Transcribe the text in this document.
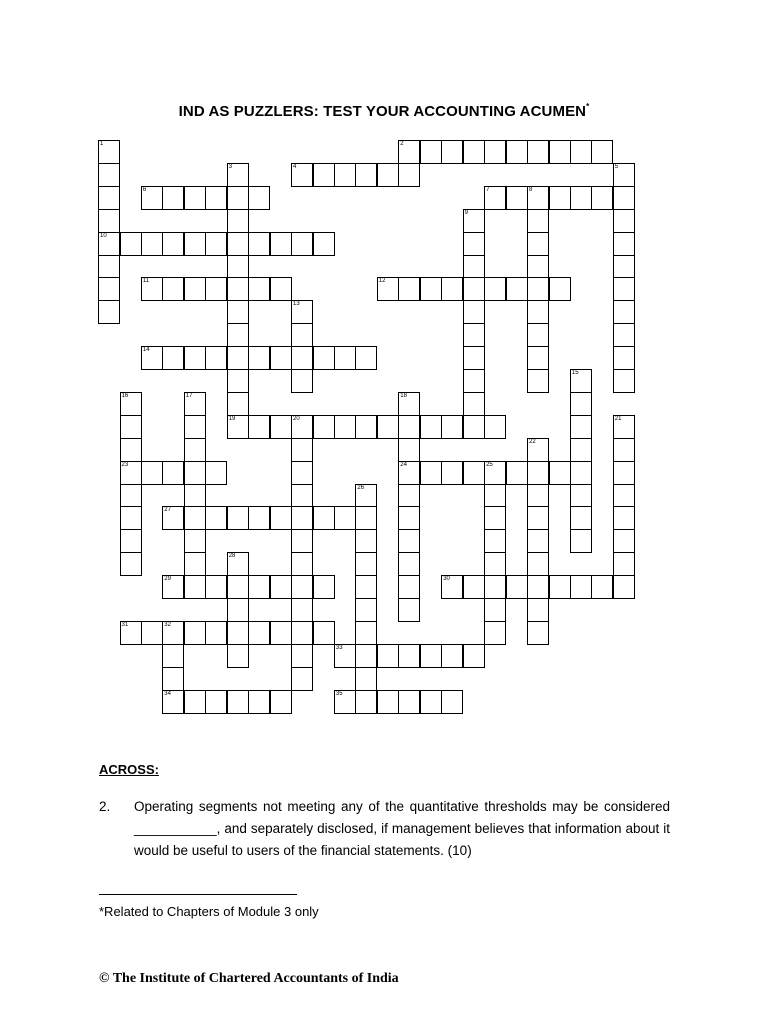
IND AS PUZZLERS: TEST YOUR ACCOUNTING ACUMEN*
1
10
2
3	4	5
6	7	8
9
11	12
13
14
15
16
23
17	18
24
19	20	21
22
25
26
27
28
29	30
31	32
34
33
35
ACROSS:
2. Operating segments not meeting any of the quantitative thresholds may be considered ___________, and separately disclosed, if management believes that information about it would be useful to users of the financial statements. (10)
*Related to Chapters of Module 3 only
© The Institute of Chartered Accountants of India
